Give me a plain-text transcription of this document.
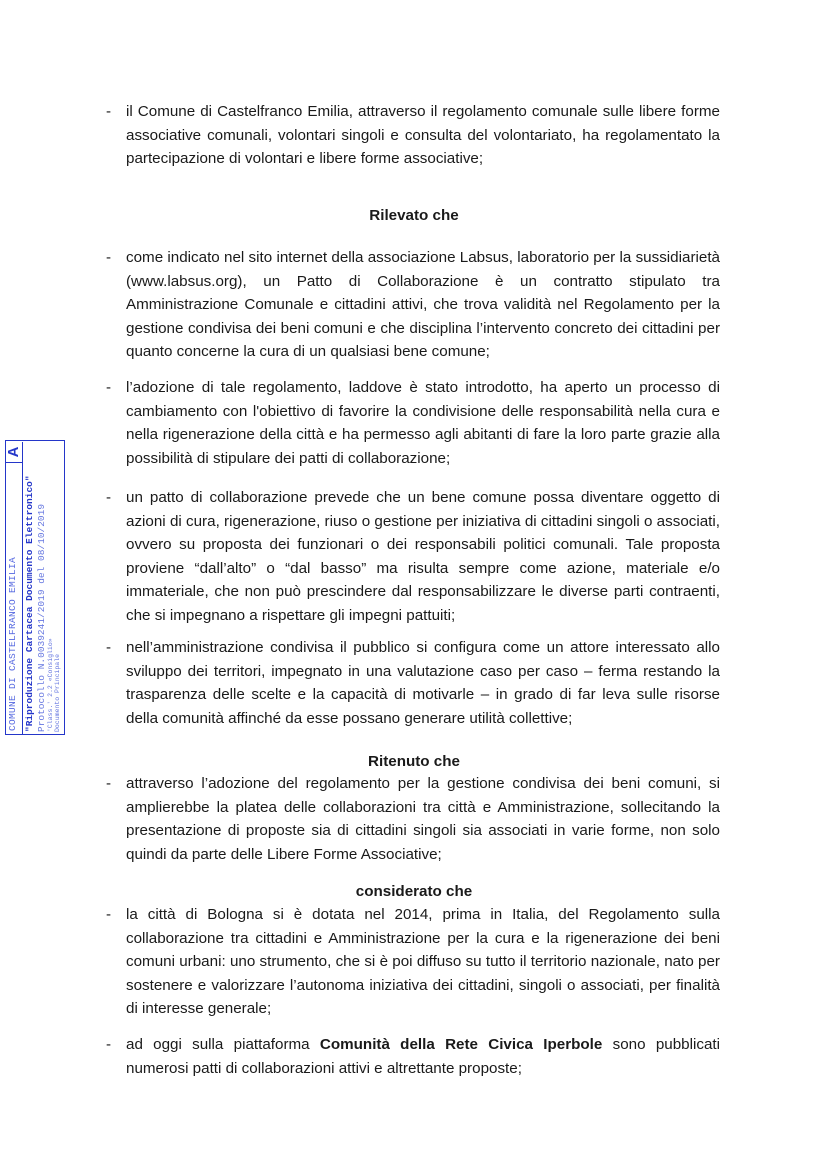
COMUNE DI CASTELFRANCO EMILIA
A
"Riproduzione Cartacea Documento Elettronico" Protocollo N.0039241/2019 del 08/10/2019 'Class.' 2.2 «Consiglio» Documento Principale
- il Comune di Castelfranco Emilia, attraverso il regolamento comunale sulle libere forme associative comunali, volontari singoli e consulta del volontariato, ha regolamentato la partecipazione di volontari e libere forme associative;
Rilevato che
- come indicato nel sito internet della associazione Labsus, laboratorio per la sussidiarietà (www.labsus.org), un Patto di Collaborazione è un contratto stipulato tra Amministrazione Comunale e cittadini attivi, che trova validità nel Regolamento per la gestione condivisa dei beni comuni e che disciplina l’intervento concreto dei cittadini per quanto concerne la cura di un qualsiasi bene comune;
- l’adozione di tale regolamento, laddove è stato introdotto, ha aperto un processo di cambiamento con l'obiettivo di favorire la condivisione delle responsabilità nella cura e nella rigenerazione della città e ha permesso agli abitanti di fare la loro parte grazie alla possibilità di stipulare dei patti di collaborazione;
- un patto di collaborazione prevede che un bene comune possa diventare oggetto di azioni di cura, rigenerazione, riuso o gestione per iniziativa di cittadini singoli o associati, ovvero su proposta dei funzionari o dei responsabili politici comunali. Tale proposta proviene “dall’alto” o “dal basso” ma risulta sempre come azione, materiale e/o immateriale, che non può prescindere dal responsabilizzare le diverse parti contraenti, che si impegnano a rispettare gli impegni pattuiti;
- nell’amministrazione condivisa il pubblico si configura come un attore interessato allo sviluppo dei territori, impegnato in una valutazione caso per caso – ferma restando la trasparenza delle scelte e la capacità di motivarle – in grado di far leva sulle risorse della comunità affinché da esse possano generare utilità collettive;
Ritenuto che
- attraverso l’adozione del regolamento per la gestione condivisa dei beni comuni, si amplierebbe la platea delle collaborazioni tra città e Amministrazione, sollecitando la presentazione di proposte sia di cittadini singoli sia associati in varie forme, non solo quindi da parte delle Libere Forme Associative;
considerato che
- la città di Bologna si è dotata nel 2014, prima in Italia, del Regolamento sulla collaborazione tra cittadini e Amministrazione per la cura e la rigenerazione dei beni comuni urbani: uno strumento, che si è poi diffuso su tutto il territorio nazionale, nato per sostenere e valorizzare l’autonoma iniziativa dei cittadini, singoli o associati, per finalità di interesse generale;
- ad oggi sulla piattaforma Comunità della Rete Civica Iperbole sono pubblicati numerosi patti di collaborazioni attivi e altrettante proposte;
